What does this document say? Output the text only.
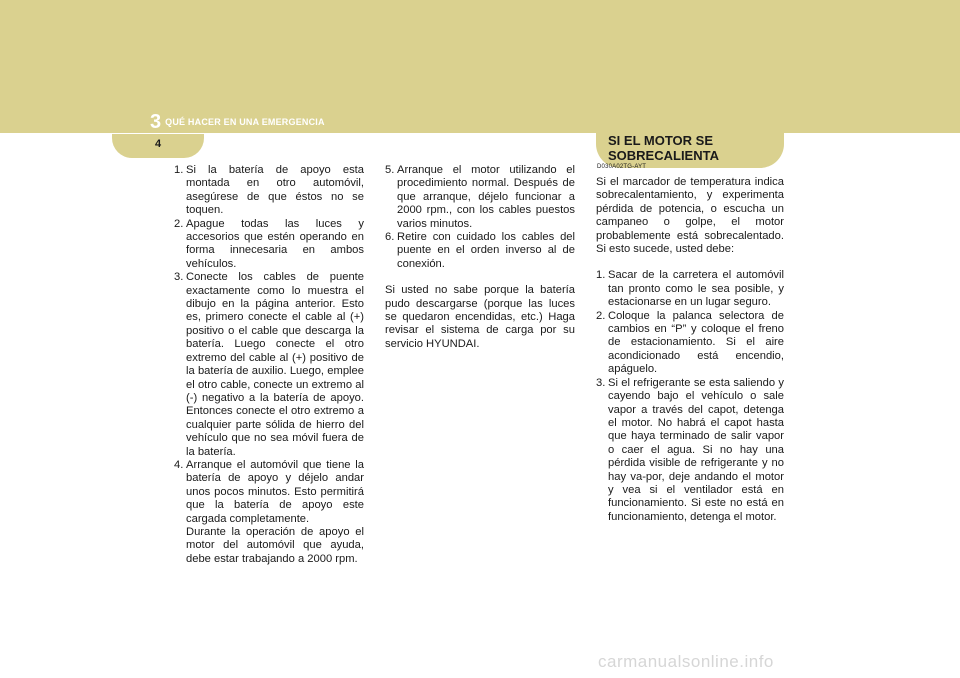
3 QUÉ HACER EN UNA EMERGENCIA
4	SI EL MOTOR SE
SOBRECALIENTA
D030A02TG-AYT
1. Si la batería de apoyo esta montada en otro automóvil, asegúrese de que éstos no se toquen.
2. Apague todas las luces y accesorios que estén operando en forma innecesaria en ambos vehículos.
3. Conecte los cables de puente exactamente como lo muestra el dibujo en la página anterior. Esto es, primero conecte el cable al (+) positivo o el cable que descarga la batería. Luego conecte el otro extremo del cable al (+) positivo de la batería de auxilio. Luego, emplee el otro cable, conecte un extremo al (-) negativo a la batería de apoyo. Entonces conecte el otro extremo a cualquier parte sólida de hierro del vehículo que no sea móvil fuera de la batería.
4. Arranque el automóvil que tiene la batería de apoyo y déjelo andar unos pocos minutos. Esto permitirá que la batería de apoyo este cargada completamente.
Durante la operación de apoyo el motor del automóvil que ayuda, debe estar trabajando a 2000 rpm.
5. Arranque el motor utilizando el procedimiento normal. Después de que arranque, déjelo funcionar a 2000 rpm., con los cables puestos varios minutos.
6. Retire con cuidado los cables del puente en el orden inverso al de conexión.

Si usted no sabe porque la batería pudo descargarse (porque las luces se quedaron encendidas, etc.) Haga revisar el sistema de carga por su servicio HYUNDAI.

Si el marcador de temperatura indica sobrecalentamiento, y experimenta pérdida de potencia, o escucha un campaneo o golpe, el motor probablemente está sobrecalentado. Si esto sucede, usted debe:

1. Sacar de la carretera el automóvil tan pronto como le sea posible, y estacionarse en un lugar seguro.
2. Coloque la palanca selectora de cambios en “P” y coloque el freno de estacionamiento. Si el aire acondicionado está encendio, apáguelo.
3. Si el refrigerante se esta saliendo y cayendo bajo el vehículo o sale vapor a través del capot, detenga el motor. No habrá el capot hasta que haya terminado de salir vapor o caer el agua. Si no hay una pérdida visible de refrigerante y no hay va-por, deje andando el motor y vea si el ventilador está en funcionamiento. Si este no está en funcionamiento, detenga el motor.
carmanualsonline.info
